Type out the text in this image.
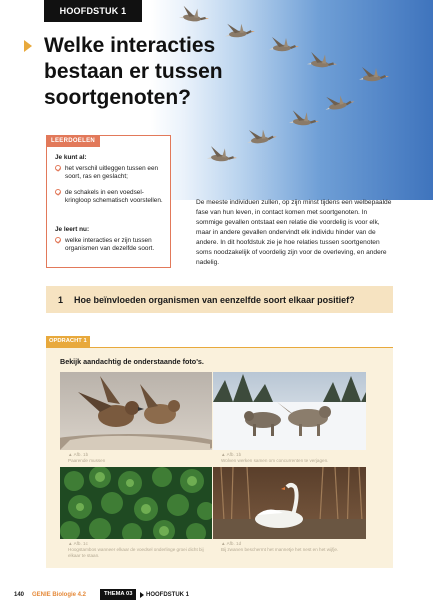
HOOFDSTUK 1
Welke interacties bestaan er tussen soortgenoten?
LEERDOELEN
Je kunt al:
het verschil uitleggen tussen een soort, ras en geslacht;
de schakels in een voedsel-kringloop schematisch voorstellen.
Je leert nu:
welke interacties er zijn tussen organismen van dezelfde soort.

De meeste individuen zullen, op zijn minst tijdens een welbepaalde fase van hun leven, in contact komen met soortgenoten. In sommige gevallen ontstaat een relatie die voordelig is voor elk, maar in andere gevallen ondervindt elk individu hinder van de andere. In dit hoofdstuk zie je hoe relaties tussen soortgenoten soms noodzakelijk of voordelig zijn voor de overleving, en andere nadelig.

1 Hoe beïnvloeden organismen van eenzelfde soort elkaar positief?
OPDRACHT 1
Bekijk aandachtig de onderstaande foto's.
▲ Afb. 1b
Paarende mussen
▲ Afb. 1b
Wolven werken samen om concurrenten te verjagen.
▲ Afb. 1c
Hoogstambos wanneer elkaar de voedsel onderlinge groei dicht bij elkaar te staan.
▲ Afb. 1d
Bij zwanen beschermt het mannetje het nest en het wijfje.
140 GENIE Biologie 4.2	THEMA 03	HOOFDSTUK 1
